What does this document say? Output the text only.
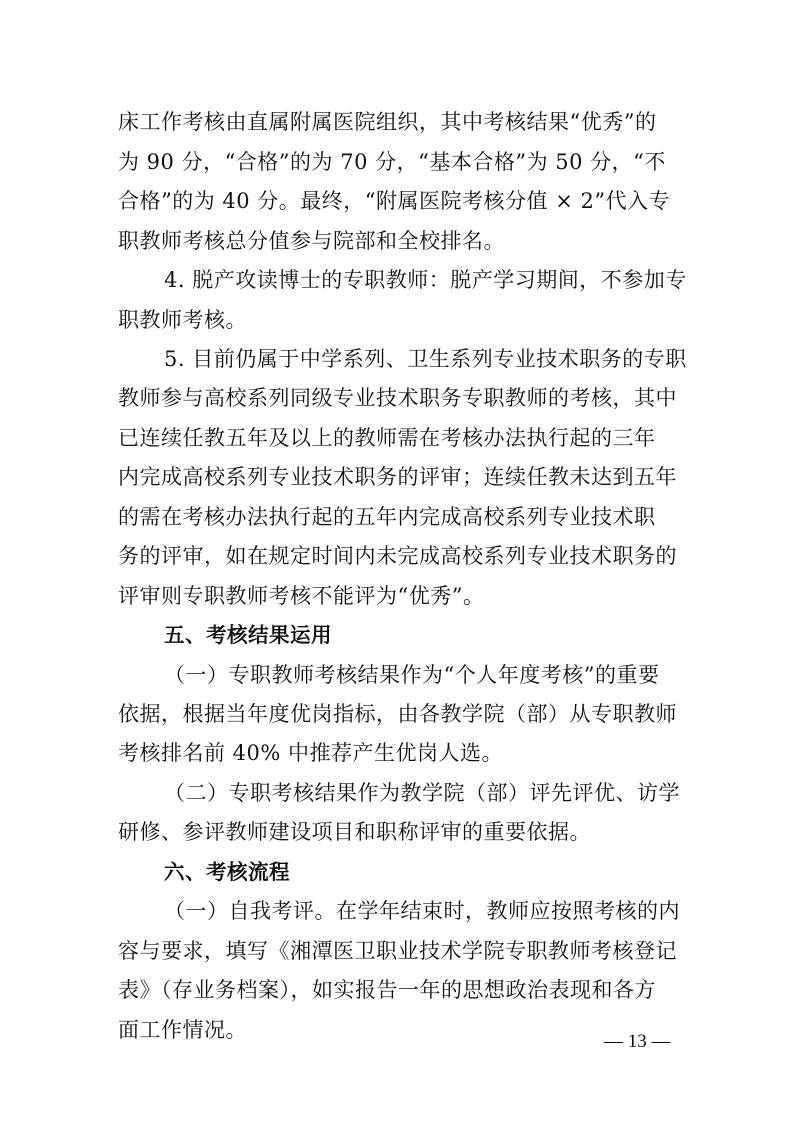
床工作考核由直属附属医院组织，其中考核结果“优秀”的
为 90 分，“合格”的为 70 分，“基本合格”为 50 分，“不
合格”的为 40 分。最终，“附属医院考核分值 × 2”代入专
职教师考核总分值参与院部和全校排名。
4. 脱产攻读博士的专职教师：脱产学习期间，不参加专
职教师考核。
5. 目前仍属于中学系列、卫生系列专业技术职务的专职
教师参与高校系列同级专业技术职务专职教师的考核，其中
已连续任教五年及以上的教师需在考核办法执行起的三年
内完成高校系列专业技术职务的评审；连续任教未达到五年
的需在考核办法执行起的五年内完成高校系列专业技术职
务的评审，如在规定时间内未完成高校系列专业技术职务的
评审则专职教师考核不能评为“优秀”。
五、考核结果运用
（一）专职教师考核结果作为“个人年度考核”的重要
依据，根据当年度优岗指标，由各教学院（部）从专职教师
考核排名前 40% 中推荐产生优岗人选。
（二）专职考核结果作为教学院（部）评先评优、访学
研修、参评教师建设项目和职称评审的重要依据。
六、考核流程
（一）自我考评。在学年结束时，教师应按照考核的内
容与要求，填写《湘潭医卫职业技术学院专职教师考核登记
表》（存业务档案），如实报告一年的思想政治表现和各方
面工作情况。	— 13 —
